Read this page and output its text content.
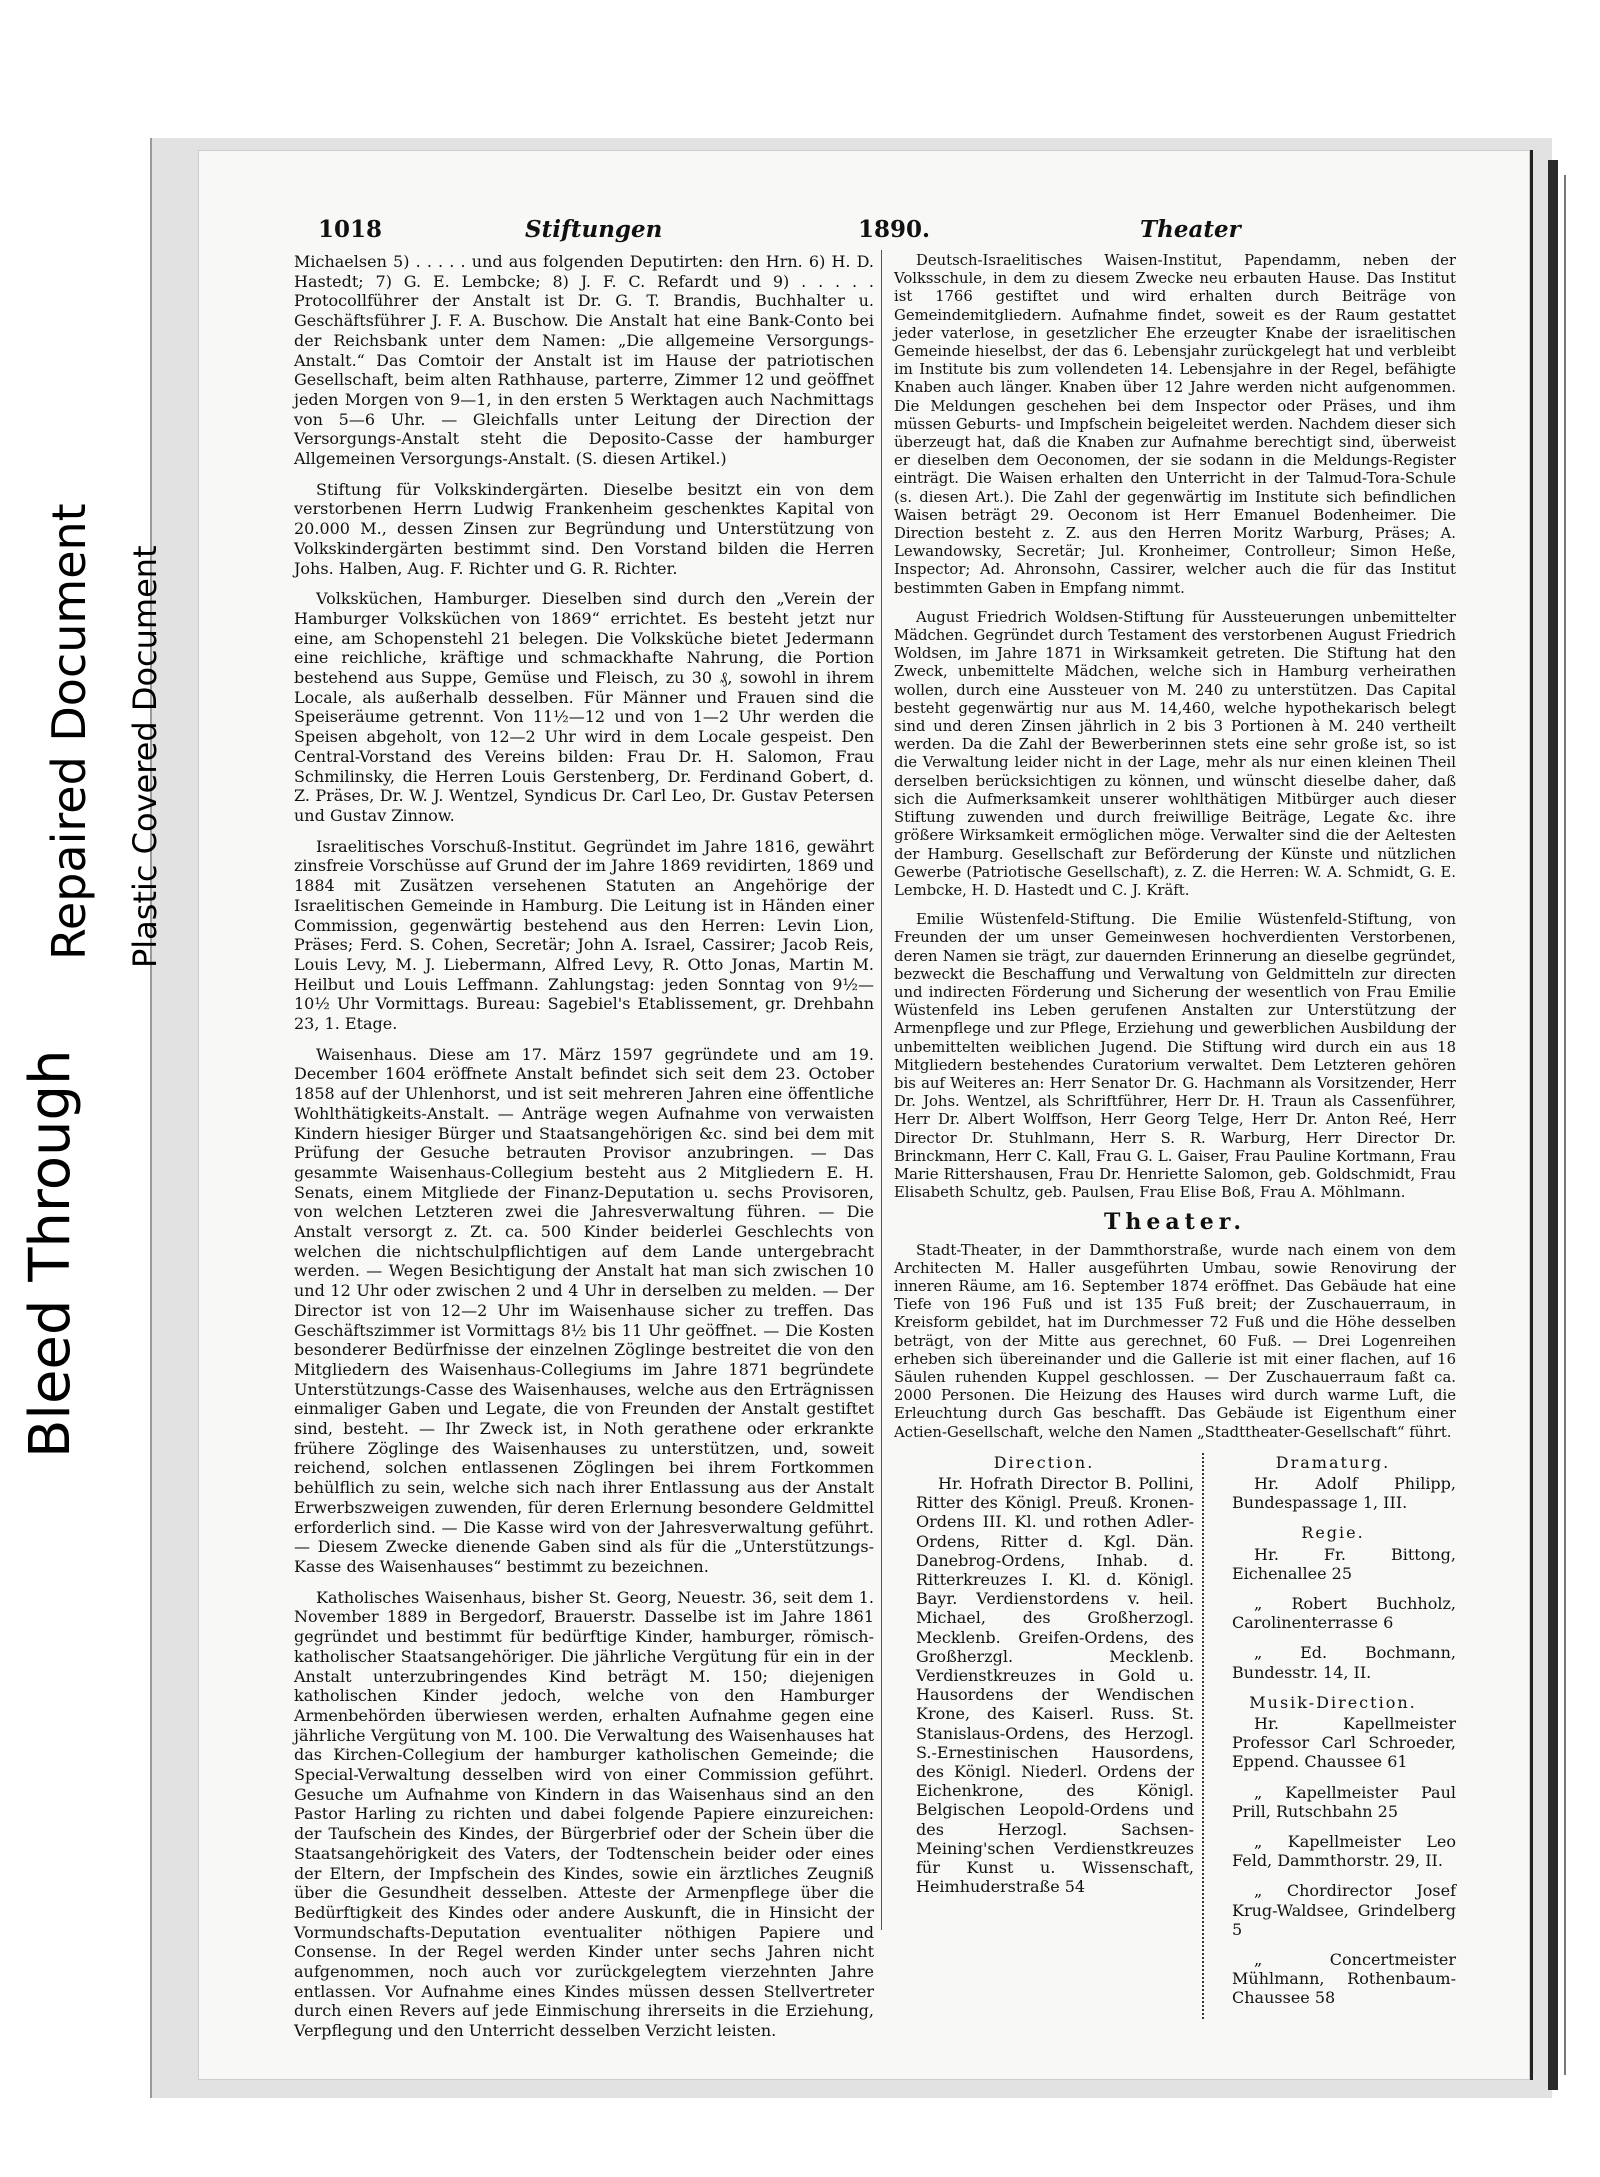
Bleed Through
Repaired Document Plastic Covered Document
1018	Stiftungen	1890.	Theater

Michaelsen 5) . . . . . und aus folgenden Deputirten: den Hrn. 6) H. D. Hastedt; 7) G. E. Lembcke; 8) J. F. C. Refardt und 9) . . . . . Protocollführer der Anstalt ist Dr. G. T. Brandis, Buchhalter u. Geschäftsführer J. F. A. Buschow. Die Anstalt hat eine Bank-Conto bei der Reichsbank unter dem Namen: „Die allgemeine Versorgungs-Anstalt.“ Das Comtoir der Anstalt ist im Hause der patriotischen Gesellschaft, beim alten Rathhause, parterre, Zimmer 12 und geöffnet jeden Morgen von 9—1, in den ersten 5 Werktagen auch Nachmittags von 5—6 Uhr. — Gleichfalls unter Leitung der Direction der Versorgungs-Anstalt steht die Deposito-Casse der hamburger Allgemeinen Versorgungs-Anstalt. (S. diesen Artikel.)

Stiftung für Volkskindergärten. Dieselbe besitzt ein von dem verstorbenen Herrn Ludwig Frankenheim geschenktes Kapital von 20.000 M., dessen Zinsen zur Begründung und Unterstützung von Volkskindergärten bestimmt sind. Den Vorstand bilden die Herren Johs. Halben, Aug. F. Richter und G. R. Richter.

Volksküchen, Hamburger. Dieselben sind durch den „Verein der Hamburger Volksküchen von 1869“ errichtet. Es besteht jetzt nur eine, am Schopenstehl 21 belegen. Die Volksküche bietet Jedermann eine reichliche, kräftige und schmackhafte Nahrung, die Portion bestehend aus Suppe, Gemüse und Fleisch, zu 30 ₰, sowohl in ihrem Locale, als außerhalb desselben. Für Männer und Frauen sind die Speiseräume getrennt. Von 11½—12 und von 1—2 Uhr werden die Speisen abgeholt, von 12—2 Uhr wird in dem Locale gespeist. Den Central-Vorstand des Vereins bilden: Frau Dr. H. Salomon, Frau Schmilinsky, die Herren Louis Gerstenberg, Dr. Ferdinand Gobert, d. Z. Präses, Dr. W. J. Wentzel, Syndicus Dr. Carl Leo, Dr. Gustav Petersen und Gustav Zinnow.

Israelitisches Vorschuß-Institut. Gegründet im Jahre 1816, gewährt zinsfreie Vorschüsse auf Grund der im Jahre 1869 revidirten, 1869 und 1884 mit Zusätzen versehenen Statuten an Angehörige der Israelitischen Gemeinde in Hamburg. Die Leitung ist in Händen einer Commission, gegenwärtig bestehend aus den Herren: Levin Lion, Präses; Ferd. S. Cohen, Secretär; John A. Israel, Cassirer; Jacob Reis, Louis Levy, M. J. Liebermann, Alfred Levy, R. Otto Jonas, Martin M. Heilbut und Louis Leffmann. Zahlungstag: jeden Sonntag von 9½—10½ Uhr Vormittags. Bureau: Sagebiel's Etablissement, gr. Drehbahn 23, 1. Etage.

Waisenhaus. Diese am 17. März 1597 gegründete und am 19. December 1604 eröffnete Anstalt befindet sich seit dem 23. October 1858 auf der Uhlenhorst, und ist seit mehreren Jahren eine öffentliche Wohlthätigkeits-Anstalt. — Anträge wegen Aufnahme von verwaisten Kindern hiesiger Bürger und Staatsangehörigen &c. sind bei dem mit Prüfung der Gesuche betrauten Provisor anzubringen. — Das gesammte Waisenhaus-Collegium besteht aus 2 Mitgliedern E. H. Senats, einem Mitgliede der Finanz-Deputation u. sechs Provisoren, von welchen Letzteren zwei die Jahresverwaltung führen. — Die Anstalt versorgt z. Zt. ca. 500 Kinder beiderlei Geschlechts von welchen die nichtschulpflichtigen auf dem Lande untergebracht werden. — Wegen Besichtigung der Anstalt hat man sich zwischen 10 und 12 Uhr oder zwischen 2 und 4 Uhr in derselben zu melden. — Der Director ist von 12—2 Uhr im Waisenhause sicher zu treffen. Das Geschäftszimmer ist Vormittags 8½ bis 11 Uhr geöffnet. — Die Kosten besonderer Bedürfnisse der einzelnen Zöglinge bestreitet die von den Mitgliedern des Waisenhaus-Collegiums im Jahre 1871 begründete Unterstützungs-Casse des Waisenhauses, welche aus den Erträgnissen einmaliger Gaben und Legate, die von Freunden der Anstalt gestiftet sind, besteht. — Ihr Zweck ist, in Noth gerathene oder erkrankte frühere Zöglinge des Waisenhauses zu unterstützen, und, soweit reichend, solchen entlassenen Zöglingen bei ihrem Fortkommen behülflich zu sein, welche sich nach ihrer Entlassung aus der Anstalt Erwerbszweigen zuwenden, für deren Erlernung besondere Geldmittel erforderlich sind. — Die Kasse wird von der Jahresverwaltung geführt. — Diesem Zwecke dienende Gaben sind als für die „Unterstützungs-Kasse des Waisenhauses“ bestimmt zu bezeichnen.

Katholisches Waisenhaus, bisher St. Georg, Neuestr. 36, seit dem 1. November 1889 in Bergedorf, Brauerstr. Dasselbe ist im Jahre 1861 gegründet und bestimmt für bedürftige Kinder, hamburger, römisch-katholischer Staatsangehöriger. Die jährliche Vergütung für ein in der Anstalt unterzubringendes Kind beträgt M. 150; diejenigen katholischen Kinder jedoch, welche von den Hamburger Armenbehörden überwiesen werden, erhalten Aufnahme gegen eine jährliche Vergütung von M. 100. Die Verwaltung des Waisenhauses hat das Kirchen-Collegium der hamburger katholischen Gemeinde; die Special-Verwaltung desselben wird von einer Commission geführt. Gesuche um Aufnahme von Kindern in das Waisenhaus sind an den Pastor Harling zu richten und dabei folgende Papiere einzureichen: der Taufschein des Kindes, der Bürgerbrief oder der Schein über die Staatsangehörigkeit des Vaters, der Todtenschein beider oder eines der Eltern, der Impfschein des Kindes, sowie ein ärztliches Zeugniß über die Gesundheit desselben. Atteste der Armenpflege über die Bedürftigkeit des Kindes oder andere Auskunft, die in Hinsicht der Vormundschafts-Deputation eventualiter nöthigen Papiere und Consense. In der Regel werden Kinder unter sechs Jahren nicht aufgenommen, noch auch vor zurückgelegtem vierzehnten Jahre entlassen. Vor Aufnahme eines Kindes müssen dessen Stellvertreter durch einen Revers auf jede Einmischung ihrerseits in die Erziehung, Verpflegung und den Unterricht desselben Verzicht leisten.

Deutsch-Israelitisches Waisen-Institut, Papendamm, neben der Volksschule, in dem zu diesem Zwecke neu erbauten Hause. Das Institut ist 1766 gestiftet und wird erhalten durch Beiträge von Gemeindemitgliedern. Aufnahme findet, soweit es der Raum gestattet jeder vaterlose, in gesetzlicher Ehe erzeugter Knabe der israelitischen Gemeinde hieselbst, der das 6. Lebensjahr zurückgelegt hat und verbleibt im Institute bis zum vollendeten 14. Lebensjahre in der Regel, befähigte Knaben auch länger. Knaben über 12 Jahre werden nicht aufgenommen. Die Meldungen geschehen bei dem Inspector oder Präses, und ihm müssen Geburts- und Impfschein beigeleitet werden. Nachdem dieser sich überzeugt hat, daß die Knaben zur Aufnahme berechtigt sind, überweist er dieselben dem Oeconomen, der sie sodann in die Meldungs-Register einträgt. Die Waisen erhalten den Unterricht in der Talmud-Tora-Schule (s. diesen Art.). Die Zahl der gegenwärtig im Institute sich befindlichen Waisen beträgt 29. Oeconom ist Herr Emanuel Bodenheimer. Die Direction besteht z. Z. aus den Herren Moritz Warburg, Präses; A. Lewandowsky, Secretär; Jul. Kronheimer, Controlleur; Simon Heße, Inspector; Ad. Ahronsohn, Cassirer, welcher auch die für das Institut bestimmten Gaben in Empfang nimmt.

August Friedrich Woldsen-Stiftung für Aussteuerungen unbemittelter Mädchen. Gegründet durch Testament des verstorbenen August Friedrich Woldsen, im Jahre 1871 in Wirksamkeit getreten. Die Stiftung hat den Zweck, unbemittelte Mädchen, welche sich in Hamburg verheirathen wollen, durch eine Aussteuer von M. 240 zu unterstützen. Das Capital besteht gegenwärtig nur aus M. 14,460, welche hypothekarisch belegt sind und deren Zinsen jährlich in 2 bis 3 Portionen à M. 240 vertheilt werden. Da die Zahl der Bewerberinnen stets eine sehr große ist, so ist die Verwaltung leider nicht in der Lage, mehr als nur einen kleinen Theil derselben berücksichtigen zu können, und wünscht dieselbe daher, daß sich die Aufmerksamkeit unserer wohlthätigen Mitbürger auch dieser Stiftung zuwenden und durch freiwillige Beiträge, Legate &c. ihre größere Wirksamkeit ermöglichen möge. Verwalter sind die der Aeltesten der Hamburg. Gesellschaft zur Beförderung der Künste und nützlichen Gewerbe (Patriotische Gesellschaft), z. Z. die Herren: W. A. Schmidt, G. E. Lembcke, H. D. Hastedt und C. J. Kräft.

Emilie Wüstenfeld-Stiftung. Die Emilie Wüstenfeld-Stiftung, von Freunden der um unser Gemeinwesen hochverdienten Verstorbenen, deren Namen sie trägt, zur dauernden Erinnerung an dieselbe gegründet, bezweckt die Beschaffung und Verwaltung von Geldmitteln zur directen und indirecten Förderung und Sicherung der wesentlich von Frau Emilie Wüstenfeld ins Leben gerufenen Anstalten zur Unterstützung der Armenpflege und zur Pflege, Erziehung und gewerblichen Ausbildung der unbemittelten weiblichen Jugend. Die Stiftung wird durch ein aus 18 Mitgliedern bestehendes Curatorium verwaltet. Dem Letzteren gehören bis auf Weiteres an: Herr Senator Dr. G. Hachmann als Vorsitzender, Herr Dr. Johs. Wentzel, als Schriftführer, Herr Dr. H. Traun als Cassenführer, Herr Dr. Albert Wolffson, Herr Georg Telge, Herr Dr. Anton Reé, Herr Director Dr. Stuhlmann, Herr S. R. Warburg, Herr Director Dr. Brinckmann, Herr C. Kall, Frau G. L. Gaiser, Frau Pauline Kortmann, Frau Marie Rittershausen, Frau Dr. Henriette Salomon, geb. Goldschmidt, Frau Elisabeth Schultz, geb. Paulsen, Frau Elise Boß, Frau A. Möhlmann.

Theater.

Stadt-Theater, in der Dammthorstraße, wurde nach einem von dem Architecten M. Haller ausgeführten Umbau, sowie Renovirung der inneren Räume, am 16. September 1874 eröffnet. Das Gebäude hat eine Tiefe von 196 Fuß und ist 135 Fuß breit; der Zuschauerraum, in Kreisform gebildet, hat im Durchmesser 72 Fuß und die Höhe desselben beträgt, von der Mitte aus gerechnet, 60 Fuß. — Drei Logenreihen erheben sich übereinander und die Gallerie ist mit einer flachen, auf 16 Säulen ruhenden Kuppel geschlossen. — Der Zuschauerraum faßt ca. 2000 Personen. Die Heizung des Hauses wird durch warme Luft, die Erleuchtung durch Gas beschafft. Das Gebäude ist Eigenthum einer Actien-Gesellschaft, welche den Namen „Stadttheater-Gesellschaft“ führt.

Direction.

Hr. Hofrath Director B. Pollini, Ritter des Königl. Preuß. Kronen-Ordens III. Kl. und rothen Adler-Ordens, Ritter d. Kgl. Dän. Danebrog-Ordens, Inhab. d. Ritterkreuzes I. Kl. d. Königl. Bayr. Verdienstordens v. heil. Michael, des Großherzogl. Mecklenb. Greifen-Ordens, des Großherzgl. Mecklenb. Verdienstkreuzes in Gold u. Hausordens der Wendischen Krone, des Kaiserl. Russ. St. Stanislaus-Ordens, des Herzogl. S.-Ernestinischen Hausordens, des Königl. Niederl. Ordens der Eichenkrone, des Königl. Belgischen Leopold-Ordens und des Herzogl. Sachsen-Meining'schen Verdienstkreuzes für Kunst u. Wissenschaft, Heimhuderstraße 54

Dramaturg.

Hr. Adolf Philipp, Bundespassage 1, III.

Regie.

Hr. Fr. Bittong, Eichenallee 25

„ Robert Buchholz, Carolinenterrasse 6

„ Ed. Bochmann, Bundesstr. 14, II.

Musik-Direction.

Hr. Kapellmeister Professor Carl Schroeder, Eppend. Chaussee 61

„ Kapellmeister Paul Prill, Rutschbahn 25

„ Kapellmeister Leo Feld, Dammthorstr. 29, II.

„ Chordirector Josef Krug-Waldsee, Grindelberg 5

„ Concertmeister Mühlmann, Rothenbaum-Chaussee 58
